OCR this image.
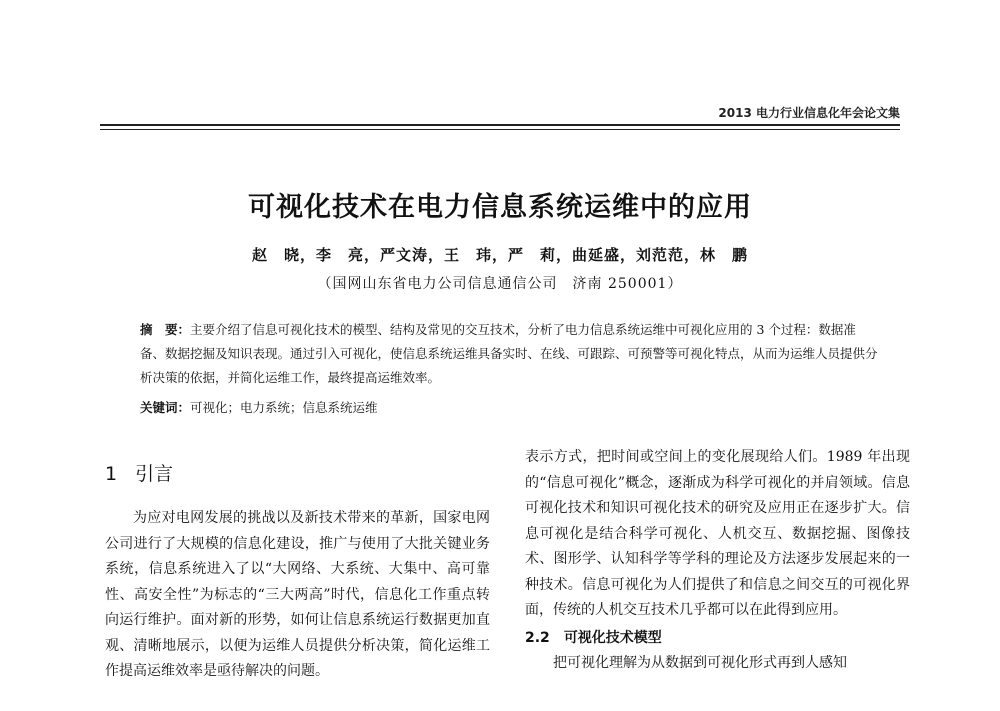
2013 电力行业信息化年会论文集
可视化技术在电力信息系统运维中的应用
赵　晓，李　亮，严文涛，王　玮，严　莉，曲延盛，刘范范，林　鹏
（国网山东省电力公司信息通信公司　济南 250001）
摘　要：主要介绍了信息可视化技术的模型、结构及常见的交互技术，分析了电力信息系统运维中可视化应用的 3 个过程：数据准备、数据挖掘及知识表现。通过引入可视化，使信息系统运维具备实时、在线、可跟踪、可预警等可视化特点，从而为运维人员提供分析决策的依据，并简化运维工作，最终提高运维效率。
关键词：可视化；电力系统；信息系统运维
1 引言

为应对电网发展的挑战以及新技术带来的革新，国家电网公司进行了大规模的信息化建设，推广与使用了大批关键业务系统，信息系统进入了以“大网络、大系统、大集中、高可靠性、高安全性”为标志的“三大两高”时代，信息化工作重点转向运行维护。面对新的形势，如何让信息系统运行数据更加直观、清晰地展示，以便为运维人员提供分析决策，简化运维工作提高运维效率是亟待解决的问题。

表示方式，把时间或空间上的变化展现给人们。1989 年出现的“信息可视化”概念，逐渐成为科学可视化的并肩领域。信息可视化技术和知识可视化技术的研究及应用正在逐步扩大。信息可视化是结合科学可视化、人机交互、数据挖掘、图像技术、图形学、认知科学等学科的理论及方法逐步发展起来的一种技术。信息可视化为人们提供了和信息之间交互的可视化界面，传统的人机交互技术几乎都可以在此得到应用。

2.2 可视化技术模型

把可视化理解为从数据到可视化形式再到人感知
